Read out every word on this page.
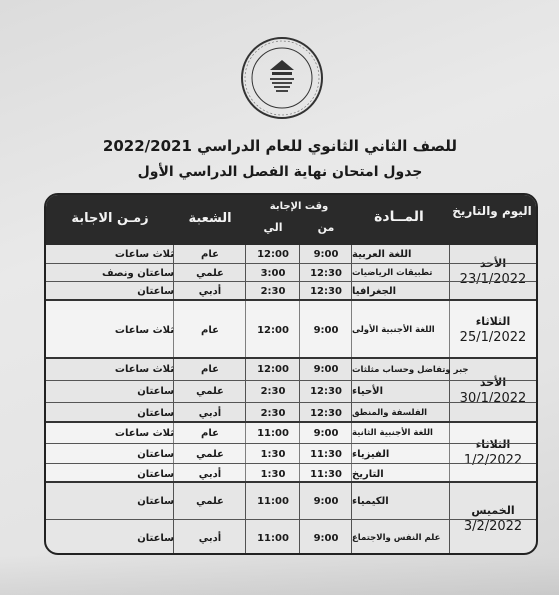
للصف الثاني الثانوي للعام الدراسي 2022/2021
جدول امتحان نهاية الفصل الدراسي الأول
اليوم والتاريخ
المــادة
وقت الإجابة
من
الي
الشعبة
زمـن الاجابة
الأحد
23/1/2022
اللغة العربية
9:00
12:00
عام
ثلاث ساعات
تطبيقات الرياضيات
12:30
3:00
علمي
ساعتان ونصف
الجغرافيا
12:30
2:30
أدبي
ساعتان
الثلاثاء
25/1/2022
اللغة الأجنبية الأولى
9:00
12:00
عام
ثلاث ساعات
الأحد
30/1/2022
جبر وتفاضل وحساب مثلثات
9:00
12:00
عام
ثلاث ساعات
الأحياء
12:30
2:30
علمي
ساعتان
الفلسفة والمنطق
12:30
2:30
أدبي
ساعتان
الثلاثاء
1/2/2022
اللغة الأجنبية الثانية
9:00
11:00
عام
ثلاث ساعات
الفيزياء
11:30
1:30
علمي
ساعتان
التاريخ
11:30
1:30
أدبي
ساعتان
الخميس
3/2/2022
الكيمياء
9:00
11:00
علمي
ساعتان
علم النفس والاجتماع
9:00
11:00
أدبي
ساعتان
